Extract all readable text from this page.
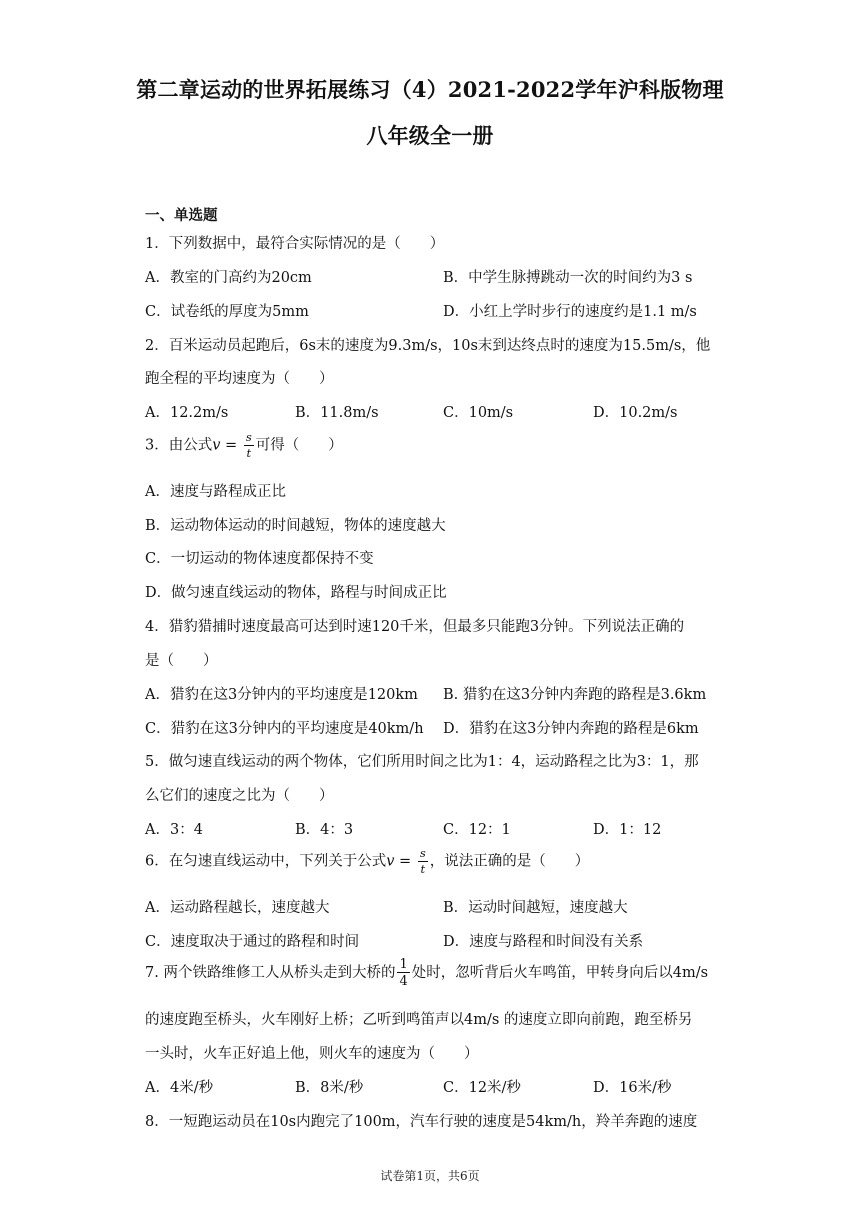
第二章运动的世界拓展练习（4）2021-2022学年沪科版物理
八年级全一册
一、单选题
1．下列数据中，最符合实际情况的是（　　）
A．教室的门高约为20cm	B．中学生脉搏跳动一次的时间约为3 s
C．试卷纸的厚度为5mm	D．小红上学时步行的速度约是1.1 m/s
2．百米运动员起跑后，6s末的速度为9.3m/s，10s末到达终点时的速度为15.5m/s，他
跑全程的平均速度为（　　）
A．12.2m/s	B．11.8m/s	C．10m/s	D．10.2m/s
3．由公式$v = \frac{s}{t}$ 可得（　　）
A．速度与路程成正比
B．运动物体运动的时间越短，物体的速度越大
C．一切运动的物体速度都保持不变
D．做匀速直线运动的物体，路程与时间成正比
4．猎豹猎捕时速度最高可达到时速120千米，但最多只能跑3分钟。下列说法正确的
是（　　）
A．猎豹在这3分钟内的平均速度是120km B. 猎豹在这3分钟内奔跑的路程是3.6km
C．猎豹在这3分钟内的平均速度是40km/h D．猎豹在这3分钟内奔跑的路程是6km
5．做匀速直线运动的两个物体，它们所用时间之比为1：4，运动路程之比为3：1，那
么它们的速度之比为（　　）
A．3：4	B．4：3	C．12：1	D．1：12
6．在匀速直线运动中，下列关于公式$v = \frac{s}{t}$ ，说法正确的是（　　）
A．运动路程越长，速度越大	B．运动时间越短，速度越大
C．速度取决于通过的路程和时间	D．速度与路程和时间没有关系
7. 两个铁路维修工人从桥头走到大桥的 $\frac{1}{4}$ 处时，忽听背后火车鸣笛，甲转身向后以4m/s
的速度跑至桥头，火车刚好上桥；乙听到鸣笛声以4m/s 的速度立即向前跑，跑至桥另
一头时，火车正好追上他，则火车的速度为（　　）
A．4米/秒	B．8米/秒	C．12米/秒	D．16米/秒
8．一短跑运动员在10s内跑完了100m，汽车行驶的速度是54km/h，羚羊奔跑的速度
试卷第1页，共6页
